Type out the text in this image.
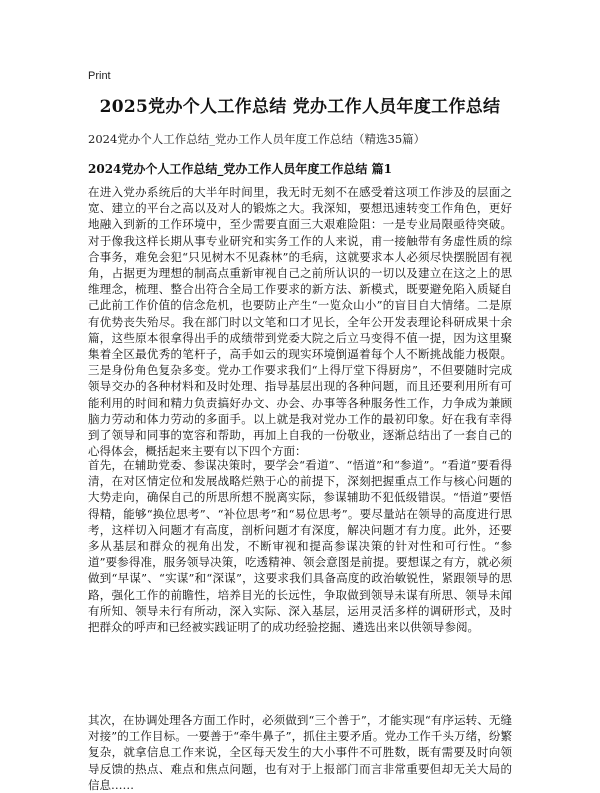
Print
2025党办个人工作总结 党办工作人员年度工作总结
2024党办个人工作总结_党办工作人员年度工作总结（精选35篇）
2024党办个人工作总结_党办工作人员年度工作总结 篇1

在进入党办系统后的大半年时间里，我无时无刻不在感受着这项工作涉及的层面之宽、建立的平台之高以及对人的锻炼之大。我深知，要想迅速转变工作角色，更好地融入到新的工作环境中，至少需要直面三大艰难险阻：一是专业局限亟待突破。对于像我这样长期从事专业研究和实务工作的人来说，甫一接触带有务虚性质的综合事务，难免会犯“只见树木不见森林”的毛病，这就要求本人必须尽快摆脱固有视角，占据更为理想的制高点重新审视自己之前所认识的一切以及建立在这之上的思维理念，梳理、整合出符合全局工作要求的新方法、新模式，既要避免陷入质疑自己此前工作价值的信念危机，也要防止产生“一览众山小”的盲目自大情绪。二是原有优势丧失殆尽。我在部门时以文笔和口才见长，全年公开发表理论科研成果十余篇，这些原本很拿得出手的成绩带到党委大院之后立马变得不值一提，因为这里聚集着全区最优秀的笔杆子，高手如云的现实环境倒逼着每个人不断挑战能力极限。三是身份角色复杂多变。党办工作要求我们“上得厅堂下得厨房”，不但要随时完成领导交办的各种材料和及时处理、指导基层出现的各种问题，而且还要利用所有可能利用的时间和精力负责搞好办文、办会、办事等各种服务性工作，力争成为兼顾脑力劳动和体力劳动的多面手。以上就是我对党办工作的最初印象。好在我有幸得到了领导和同事的宽容和帮助，再加上自我的一份敬业，逐渐总结出了一套自己的心得体会，概括起来主要有以下四个方面：

首先，在辅助党委、参谋决策时，要学会“看道”、“悟道”和“参道”。“看道”要看得清，在对区情定位和发展战略烂熟于心的前提下，深刻把握重点工作与核心问题的大势走向，确保自己的所思所想不脱离实际，参谋辅助不犯低级错误。“悟道”要悟得精，能够“换位思考”、“补位思考”和“易位思考”。要尽量站在领导的高度进行思考，这样切入问题才有高度，剖析问题才有深度，解决问题才有力度。此外，还要多从基层和群众的视角出发，不断审视和提高参谋决策的针对性和可行性。“参道”要参得准，服务领导决策，吃透精神、领会意图是前提。要想谋之有方，就必须做到“早谋”、“实谋”和“深谋”，这要求我们具备高度的政治敏锐性，紧跟领导的思路，强化工作的前瞻性，培养目光的长远性，争取做到领导未谋有所思、领导未闻有所知、领导未行有所动，深入实际、深入基层，运用灵活多样的调研形式，及时把群众的呼声和已经被实践证明了的成功经验挖掘、遴选出来以供领导参阅。

其次，在协调处理各方面工作时，必须做到“三个善于”，才能实现“有序运转、无缝对接”的工作目标。一要善于“牵牛鼻子”，抓住主要矛盾。党办工作千头万绪，纷繁复杂，就拿信息工作来说，全区每天发生的大小事件不可胜数，既有需要及时向领导反馈的热点、难点和焦点问题，也有对于上报部门而言非常重要但却无关大局的信息……
